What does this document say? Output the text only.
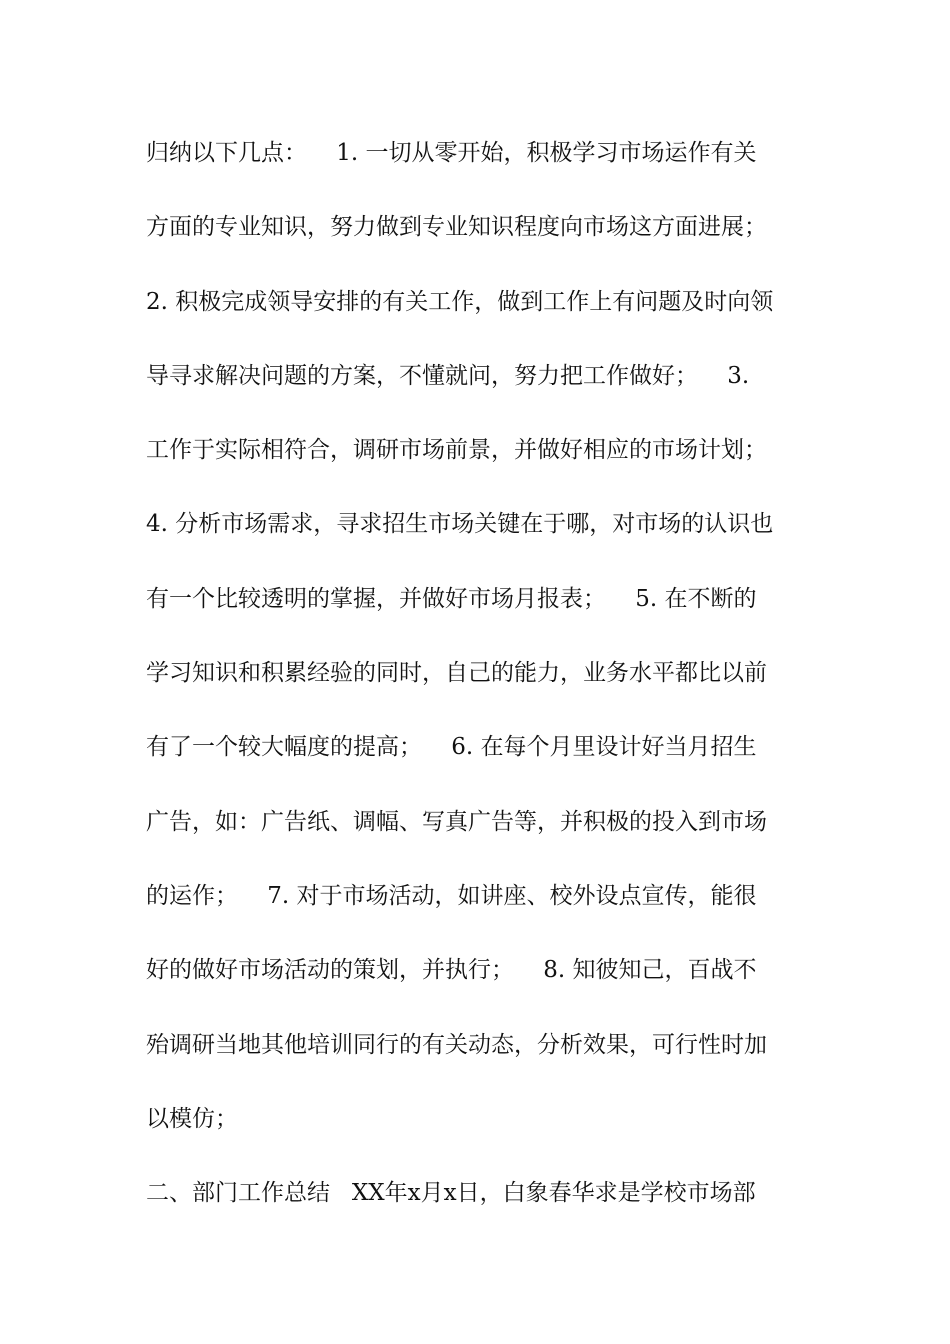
归纳以下几点：    1. 一切从零开始，积极学习市场运作有关
方面的专业知识，努力做到专业知识程度向市场这方面进展；
2. 积极完成领导安排的有关工作，做到工作上有问题及时向领
导寻求解决问题的方案，不懂就问，努力把工作做好；    3.
工作于实际相符合，调研市场前景，并做好相应的市场计划；
4. 分析市场需求，寻求招生市场关键在于哪，对市场的认识也
有一个比较透明的掌握，并做好市场月报表；    5. 在不断的
学习知识和积累经验的同时，自己的能力，业务水平都比以前
有了一个较大幅度的提高；    6. 在每个月里设计好当月招生
广告，如：广告纸、调幅、写真广告等，并积极的投入到市场
的运作；    7. 对于市场活动，如讲座、校外设点宣传，能很
好的做好市场活动的策划，并执行；    8. 知彼知己，百战不
殆调研当地其他培训同行的有关动态，分析效果，可行性时加
以模仿；
二、部门工作总结   XX年x月x日，白象春华求是学校市场部
